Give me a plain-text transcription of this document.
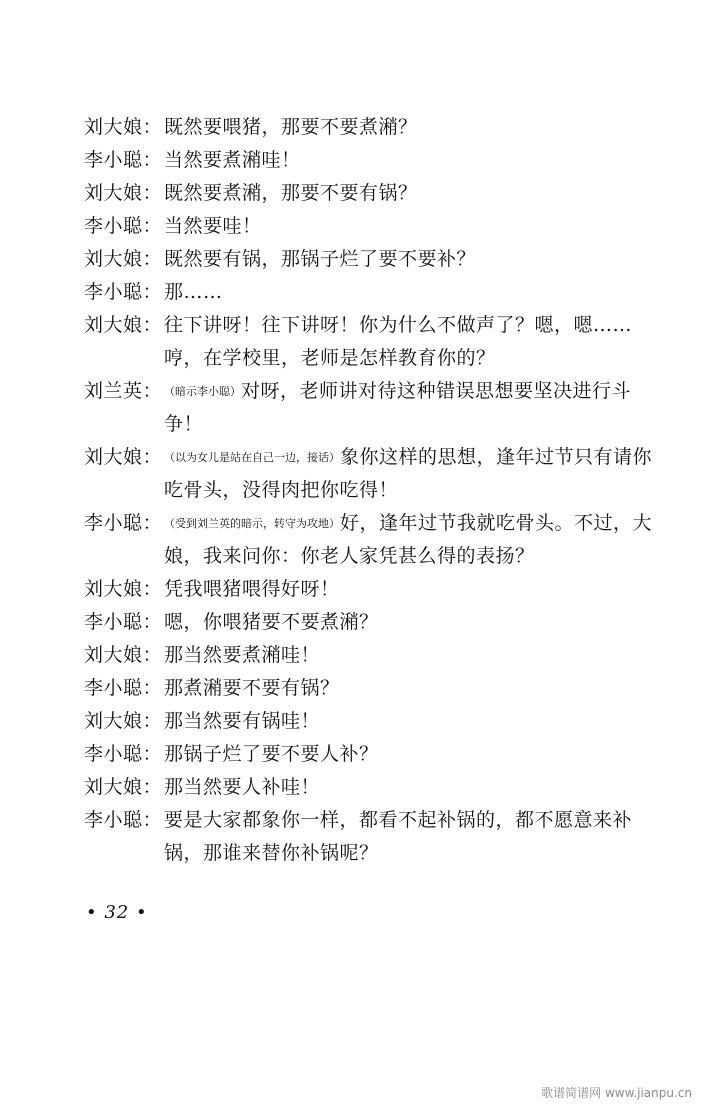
刘大娘： 既然要喂猪，那要不要煮潲？
李小聪： 当然要煮潲哇！
刘大娘： 既然要煮潲，那要不要有锅？
李小聪： 当然要哇！
刘大娘： 既然要有锅，那锅子烂了要不要补？
李小聪： 那……
刘大娘： 往下讲呀！往下讲呀！你为什么不做声了？嗯，嗯……哼，在学校里，老师是怎样教育你的？
刘兰英： （暗示李小聪）对呀，老师讲对待这种错误思想要坚决进行斗争！
刘大娘： （以为女儿是站在自己一边，接话）象你这样的思想，逢年过节只有请你吃骨头，没得肉把你吃得！
李小聪： （受到刘兰英的暗示，转守为攻地）好，逢年过节我就吃骨头。不过，大娘，我来问你：你老人家凭甚么得的表扬？
刘大娘： 凭我喂猪喂得好呀！
李小聪： 嗯，你喂猪要不要煮潲？
刘大娘： 那当然要煮潲哇！
李小聪： 那煮潲要不要有锅？
刘大娘： 那当然要有锅哇！
李小聪： 那锅子烂了要不要人补？
刘大娘： 那当然要人补哇！
李小聪： 要是大家都象你一样，都看不起补锅的，都不愿意来补锅，那谁来替你补锅呢？
• 32 •
歌谱简谱网 www.jianpu.cn
